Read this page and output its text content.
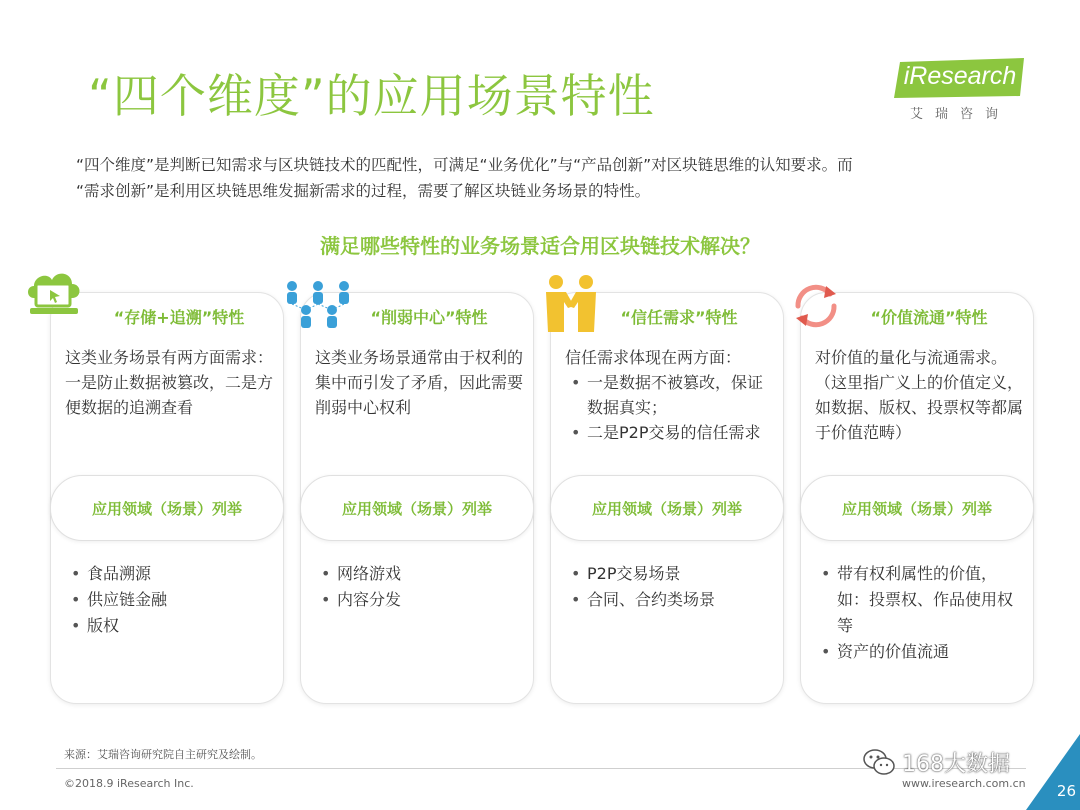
“四个维度”的应用场景特性	iResearch
艾瑞咨询
“四个维度”是判断已知需求与区块链技术的匹配性，可满足“业务优化”与“产品创新”对区块链思维的认知要求。而
“需求创新”是利用区块链思维发掘新需求的过程，需要了解区块链业务场景的特性。
满足哪些特性的业务场景适合用区块链技术解决？
“存储+追溯”特性
这类业务场景有两方面需求：一是防止数据被篡改，二是方便数据的追溯查看
应用领域（场景）列举
• 食品溯源
• 供应链金融
• 版权
“削弱中心”特性
这类业务场景通常由于权利的集中而引发了矛盾，因此需要削弱中心权利
应用领域（场景）列举
• 网络游戏
• 内容分发
“信任需求”特性
信任需求体现在两方面：
• 一是数据不被篡改，保证数据真实；
• 二是P2P交易的信任需求
应用领域（场景）列举
• P2P交易场景
• 合同、合约类场景
“价值流通”特性
对价值的量化与流通需求。（这里指广义上的价值定义，如数据、版权、投票权等都属于价值范畴）
应用领域（场景）列举
• 带有权利属性的价值，如：投票权、作品使用权等
• 资产的价值流通
来源：艾瑞咨询研究院自主研究及绘制。
©2018.9 iResearch Inc.	www.iresearch.com.cn
168大数据
26
